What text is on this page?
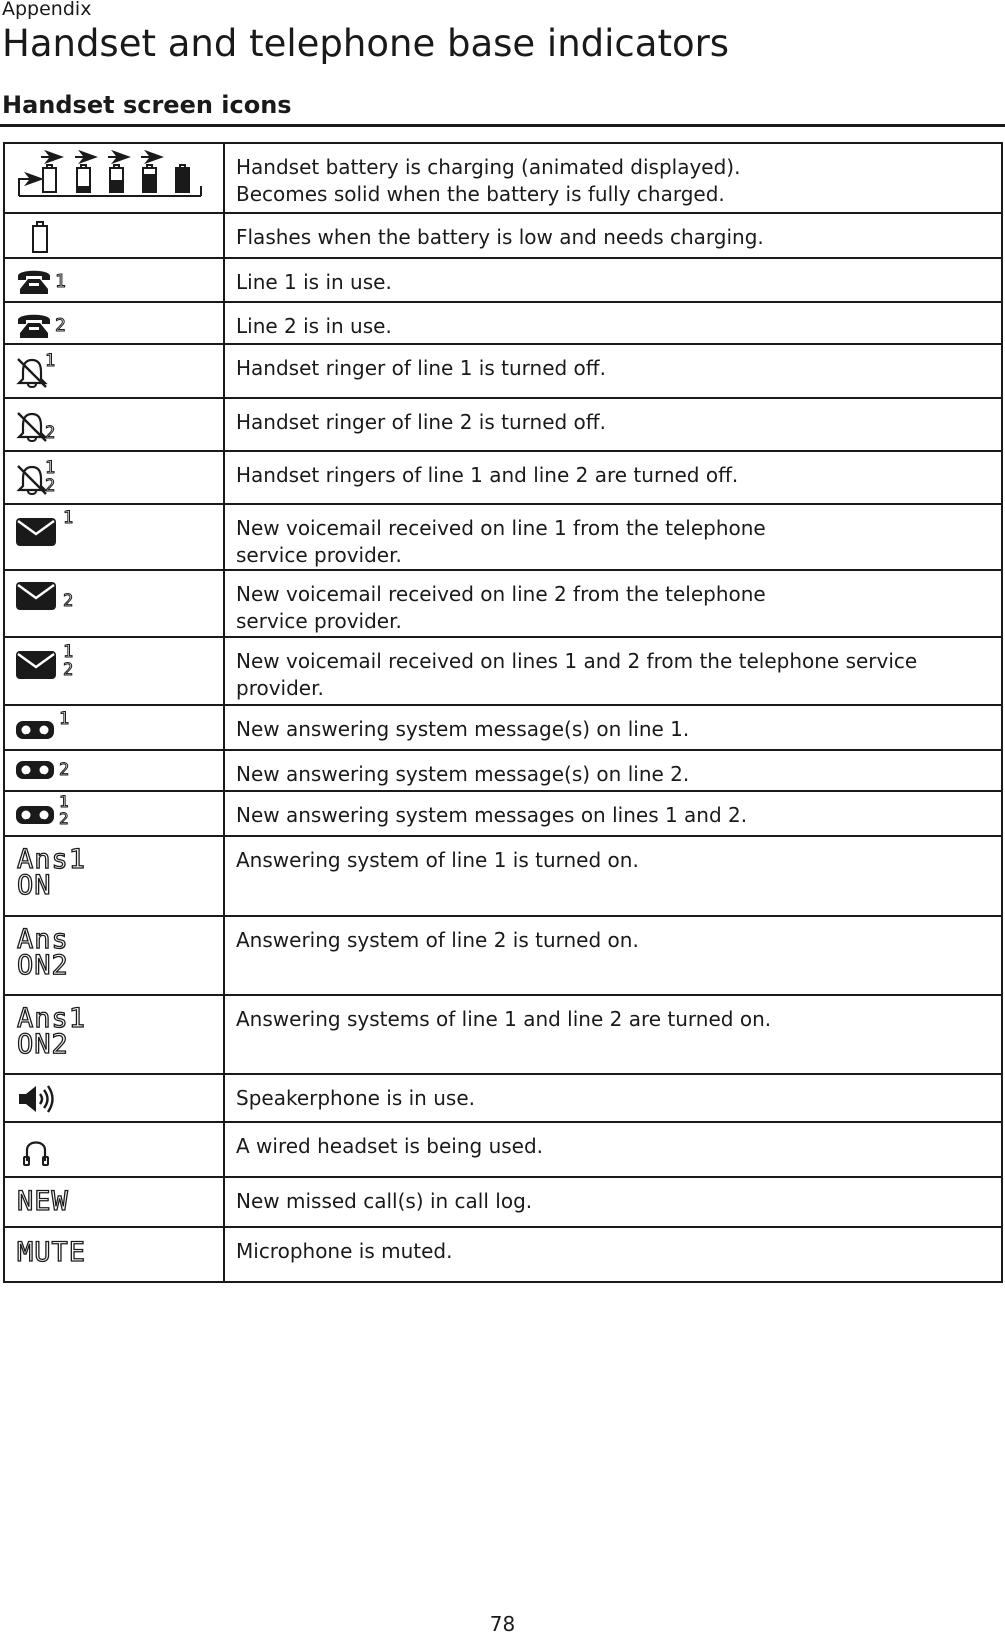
Appendix
Handset and telephone base indicators
Handset screen icons

Handset battery is charging (animated displayed).
Becomes solid when the battery is fully charged.

Flashes when the battery is low and needs charging.

1	Line 1 is in use.

2	Line 2 is in use.

1	Handset ringer of line 1 is turned off.

2	Handset ringer of line 2 is turned off.

1
2	Handset ringers of line 1 and line 2 are turned off.

1	New voicemail received on line 1 from the telephone
service provider.

2	New voicemail received on line 2 from the telephone
service provider.

1
2	New voicemail received on lines 1 and 2 from the telephone service
provider.

1	New answering system message(s) on line 1.

2	New answering system message(s) on line 2.

1
2	New answering system messages on lines 1 and 2.

Ans1
ON	Answering system of line 1 is turned on.

Ans
ON2	Answering system of line 2 is turned on.

Ans1
ON2	Answering systems of line 1 and line 2 are turned on.

Speakerphone is in use.

A wired headset is being used.

NEW	New missed call(s) in call log.

MUTE	Microphone is muted.
78
